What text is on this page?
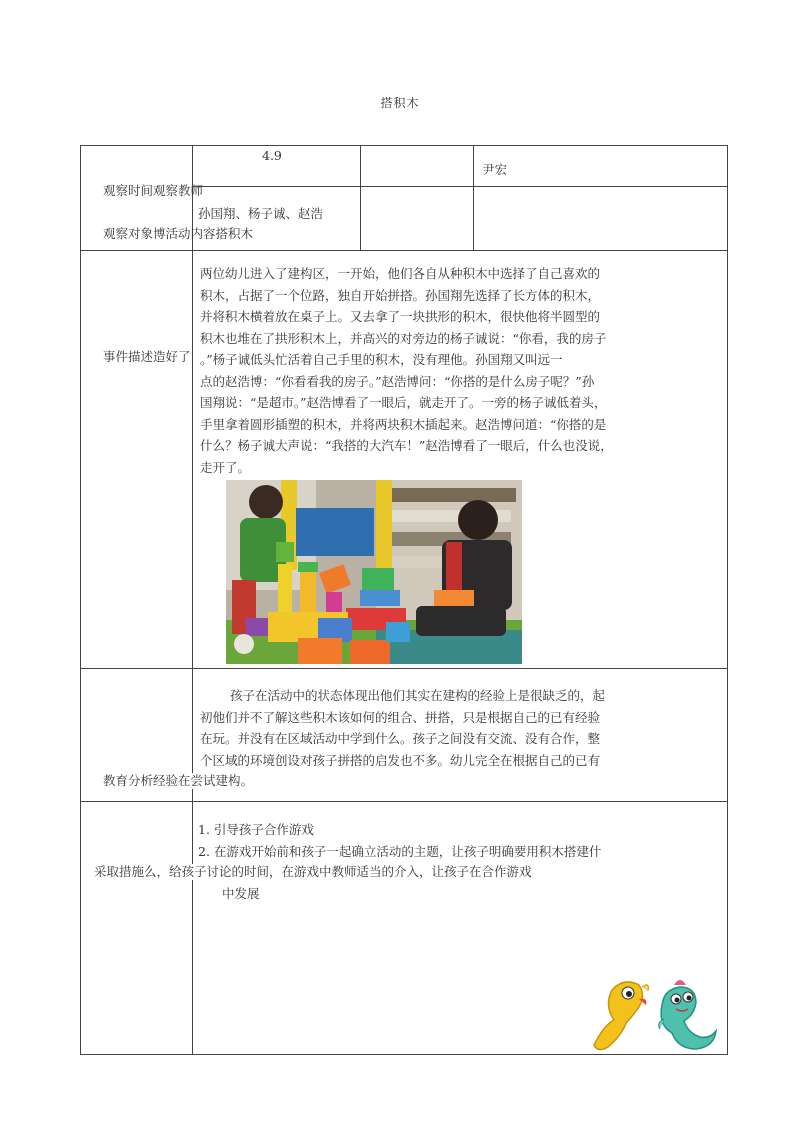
搭积木
4.9
尹宏
观察时间观察教师
孙国翔、杨子诚、赵浩
观察对象博活动内容搭积木
两位幼儿进入了建构区，一开始，他们各自从种积木中选择了自己喜欢的
积木，占据了一个位路，独自开始拼搭。孙国翔先选择了长方体的积木，
并将积木横着放在桌子上。又去拿了一块拱形的积木，很快他将半圆型的
积木也堆在了拱形积木上，并高兴的对旁边的杨子诚说：“你看，我的房子
。”杨子诚低头忙活着自己手里的积木，没有理他。孙国翔又叫远一
点的赵浩博：“你看看我的房子。”赵浩博问：“你搭的是什么房子呢？”孙
国翔说：“是超市。”赵浩博看了一眼后，就走开了。一旁的杨子诚低着头，
手里拿着圆形插塑的积木，并将两块积木插起来。赵浩博问道：“你搭的是
什么？杨子诚大声说：“我搭的大汽车！”赵浩博看了一眼后，什么也没说，
走开了。
事件描述造好了
孩子在活动中的状态体现出他们其实在建构的经验上是很缺乏的，起
初他们并不了解这些积木该如何的组合、拼搭，只是根据自己的已有经验
在玩。并没有在区域活动中学到什么。孩子之间没有交流、没有合作，整
个区域的环境创设对孩子拼搭的启发也不多。幼儿完全在根据自己的已有
教育分析经验在尝试建构。
1. 引导孩子合作游戏
2. 在游戏开始前和孩子一起确立活动的主题，让孩子明确要用积木搭建什
采取措施么，给孩子讨论的时间，在游戏中教师适当的介入，让孩子在合作游戏
中发展
